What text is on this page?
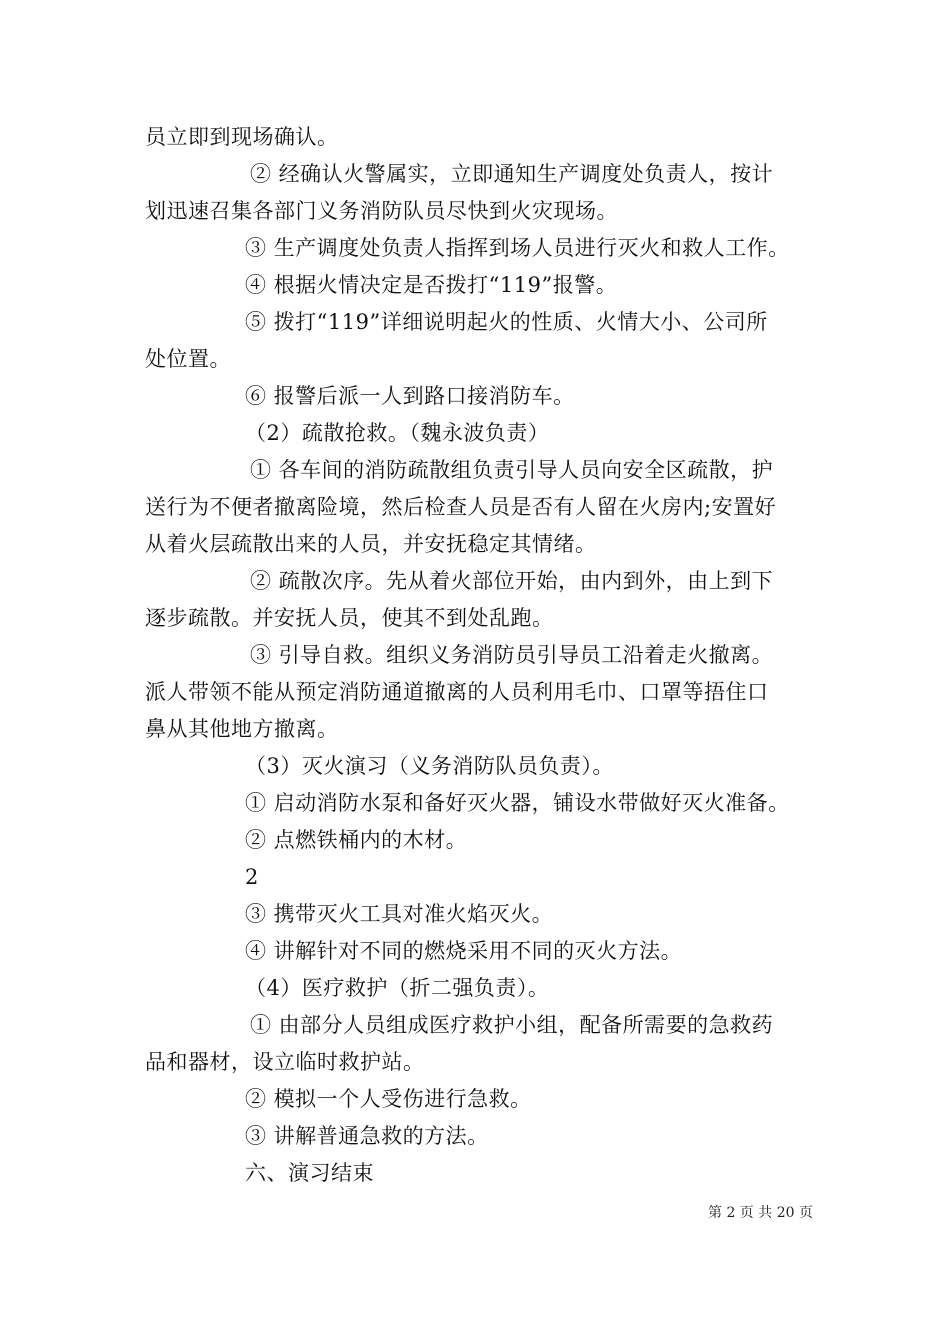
员立即到现场确认。
② 经确认火警属实，立即通知生产调度处负责人，按计
划迅速召集各部门义务消防队员尽快到火灾现场。
③ 生产调度处负责人指挥到场人员进行灭火和救人工作。
④ 根据火情决定是否拨打“119”报警。
⑤ 拨打“119”详细说明起火的性质、火情大小、公司所
处位置。
⑥ 报警后派一人到路口接消防车。
（2）疏散抢救。（魏永波负责）
① 各车间的消防疏散组负责引导人员向安全区疏散，护
送行为不便者撤离险境，然后检查人员是否有人留在火房内;安置好
从着火层疏散出来的人员，并安抚稳定其情绪。
② 疏散次序。先从着火部位开始，由内到外，由上到下
逐步疏散。并安抚人员，使其不到处乱跑。
③ 引导自救。组织义务消防员引导员工沿着走火撤离。
派人带领不能从预定消防通道撤离的人员利用毛巾、口罩等捂住口
鼻从其他地方撤离。
（3）灭火演习（义务消防队员负责）。
① 启动消防水泵和备好灭火器，铺设水带做好灭火准备。
② 点燃铁桶内的木材。
2
③ 携带灭火工具对准火焰灭火。
④ 讲解针对不同的燃烧采用不同的灭火方法。
（4）医疗救护（折二强负责）。
① 由部分人员组成医疗救护小组，配备所需要的急救药
品和器材，设立临时救护站。
② 模拟一个人受伤进行急救。
③ 讲解普通急救的方法。
六、演习结束
第 2 页 共 20 页
